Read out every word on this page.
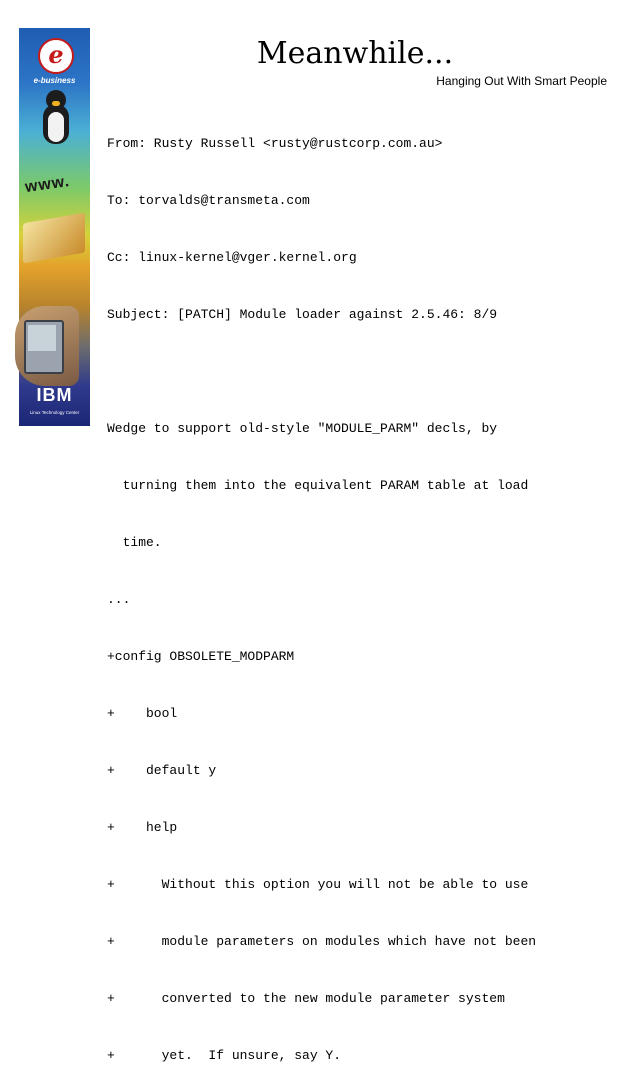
e
e-business
www.
IBM
Linux Technology Center
Meanwhile...
Hanging Out With Smart People

From: Rusty Russell <rusty@rustcorp.com.au>

To: torvalds@transmeta.com

Cc: linux-kernel@vger.kernel.org

Subject: [PATCH] Module loader against 2.5.46: 8/9

Wedge to support old-style "MODULE_PARM" decls, by

turning them into the equivalent PARAM table at load

time.

...

+config OBSOLETE_MODPARM

+    bool

+    default y

+    help

+      Without this option you will not be able to use

+      module parameters on modules which have not been

+      converted to the new module parameter system

+      yet.  If unsure, say Y.
